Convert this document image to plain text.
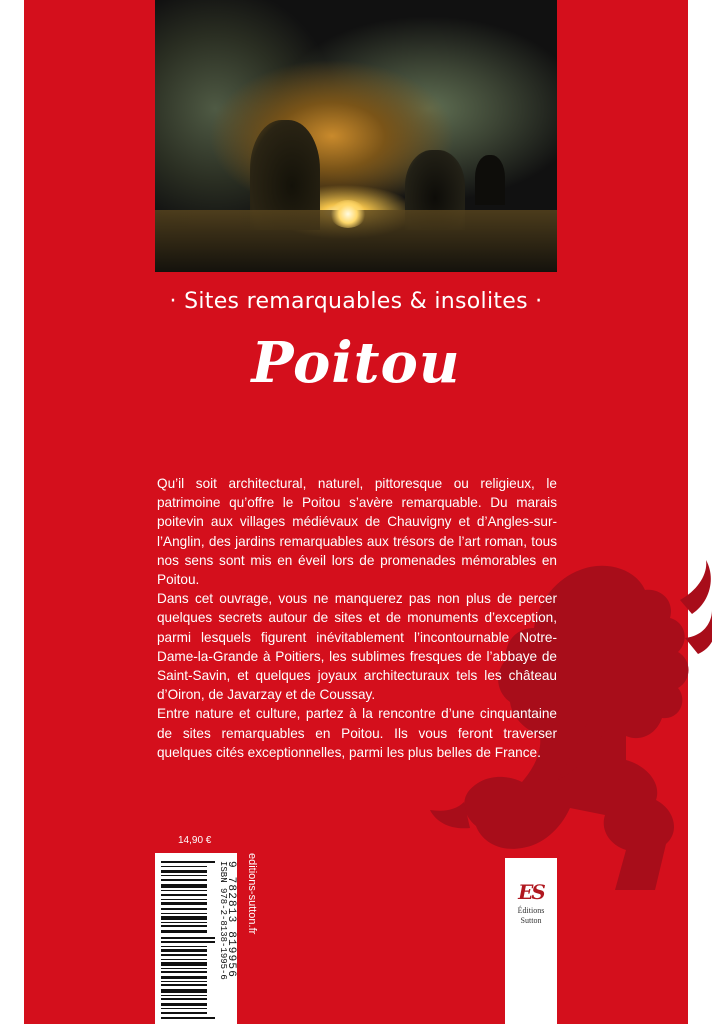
· Sites remarquables & insolites ·
Poitou

Qu’il soit architectural, naturel, pittoresque ou religieux, le patrimoine qu’offre le Poitou s’avère remarquable. Du marais poitevin aux villages médiévaux de Chauvigny et d’Angles-sur-l’Anglin, des jardins remarquables aux trésors de l’art roman, tous nos sens sont mis en éveil lors de promenades mémorables en Poitou.

Dans cet ouvrage, vous ne manquerez pas non plus de percer quelques secrets autour de sites et de monuments d’exception, parmi lesquels figurent inévitablement l’incontournable Notre-Dame-la-Grande à Poitiers, les sublimes fresques de l’abbaye de Saint-Savin, et quelques joyaux architecturaux tels les château d’Oiron, de Javarzay et de Coussay.

Entre nature et culture, partez à la rencontre d’une cinquantaine de sites remarquables en Poitou. Ils vous feront traverser quelques cités exceptionnelles, parmi les plus belles de France.

14,90 €
ISBN 978-2-8138-1995-6
9 782813 819956 editions-sutton.fr	ES
Éditions
Sutton
